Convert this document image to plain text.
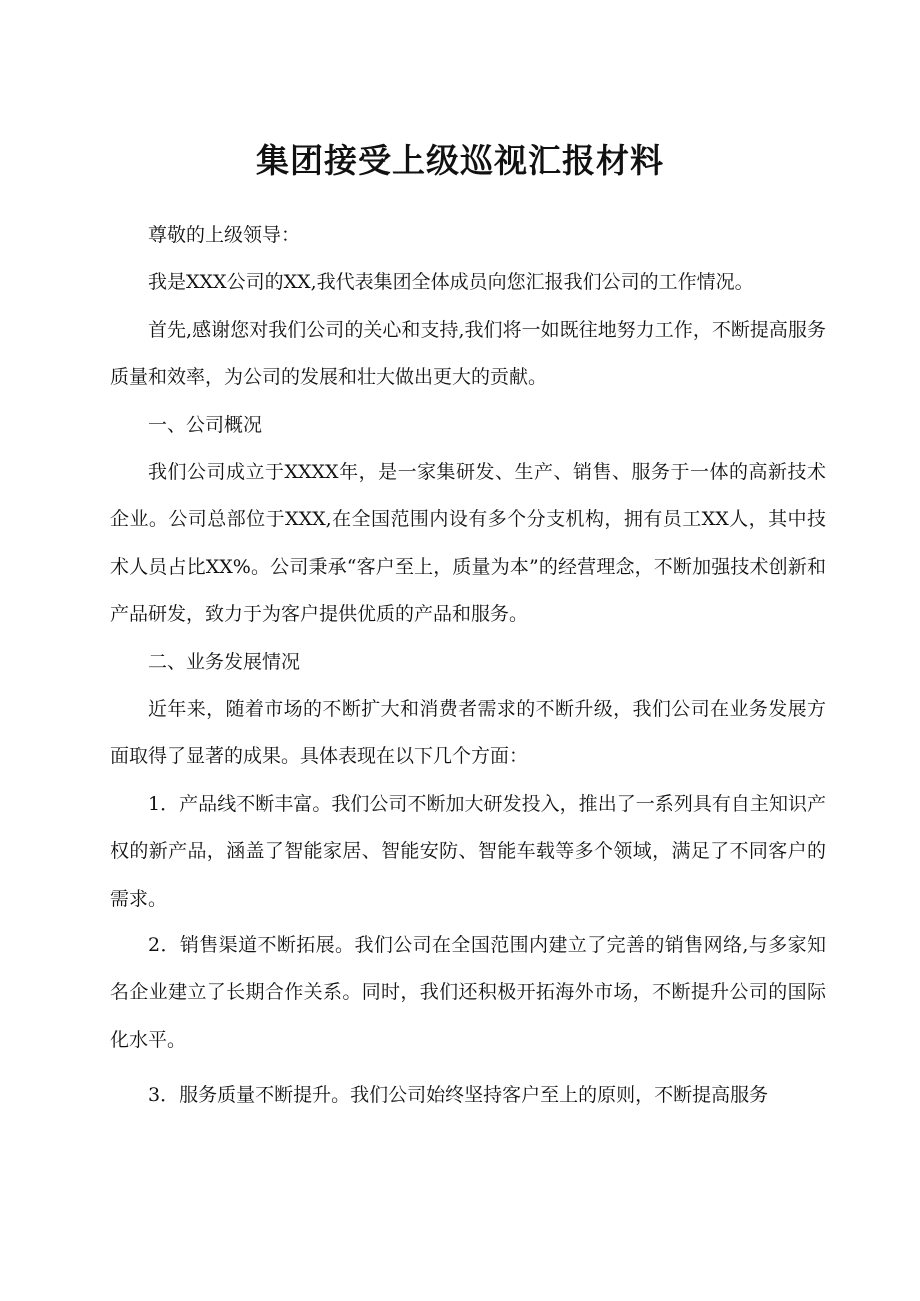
集团接受上级巡视汇报材料

尊敬的上级领导：

我是XXX公司的XX,我代表集团全体成员向您汇报我们公司的工作情况。

首先,感谢您对我们公司的关心和支持,我们将一如既往地努力工作，不断提高服务质量和效率，为公司的发展和壮大做出更大的贡献。

一、公司概况

我们公司成立于XXXX年，是一家集研发、生产、销售、服务于一体的高新技术企业。公司总部位于XXX,在全国范围内设有多个分支机构，拥有员工XX人，其中技术人员占比XX%。公司秉承“客户至上，质量为本”的经营理念，不断加强技术创新和产品研发，致力于为客户提供优质的产品和服务。

二、业务发展情况

近年来，随着市场的不断扩大和消费者需求的不断升级，我们公司在业务发展方面取得了显著的成果。具体表现在以下几个方面：

1．产品线不断丰富。我们公司不断加大研发投入，推出了一系列具有自主知识产权的新产品，涵盖了智能家居、智能安防、智能车载等多个领域，满足了不同客户的需求。

2．销售渠道不断拓展。我们公司在全国范围内建立了完善的销售网络,与多家知名企业建立了长期合作关系。同时，我们还积极开拓海外市场，不断提升公司的国际化水平。

3．服务质量不断提升。我们公司始终坚持客户至上的原则，不断提高服务
